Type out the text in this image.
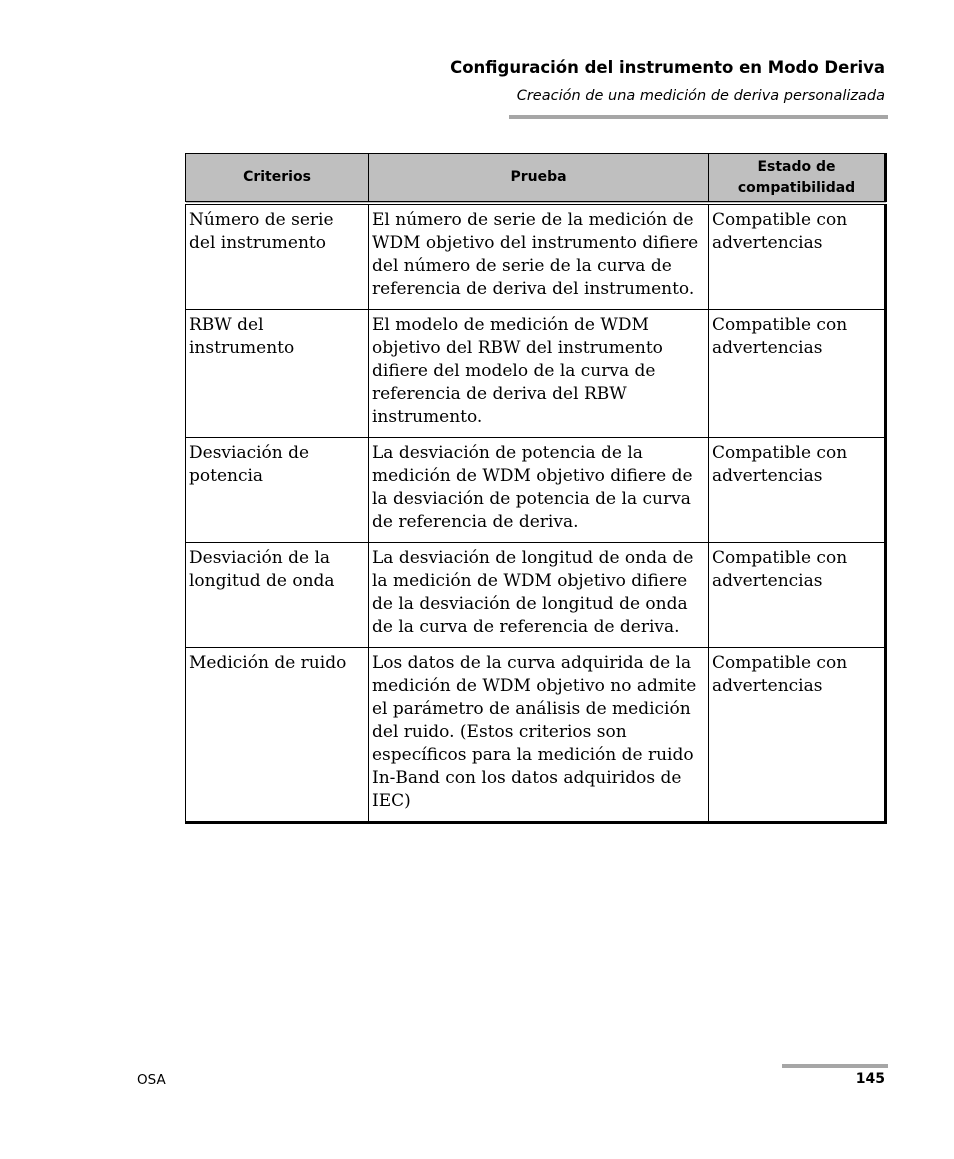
Configuración del instrumento en Modo Deriva
Creación de una medición de deriva personalizada
Criterios	Prueba	Estado de compatibilidad
Número de serie del instrumento	El número de serie de la medición de WDM objetivo del instrumento difiere del número de serie de la curva de referencia de deriva del instrumento.	Compatible con advertencias
RBW del instrumento	El modelo de medición de WDM objetivo del RBW del instrumento difiere del modelo de la curva de referencia de deriva del RBW instrumento.	Compatible con advertencias
Desviación de potencia	La desviación de potencia de la medición de WDM objetivo difiere de la desviación de potencia de la curva de referencia de deriva.	Compatible con advertencias
Desviación de la longitud de onda	La desviación de longitud de onda de la medición de WDM objetivo difiere de la desviación de longitud de onda de la curva de referencia de deriva.	Compatible con advertencias
Medición de ruido	Los datos de la curva adquirida de la medición de WDM objetivo no admite el parámetro de análisis de medición del ruido. (Estos criterios son específicos para la medición de ruido In-Band con los datos adquiridos de IEC)	Compatible con advertencias
OSA	145
